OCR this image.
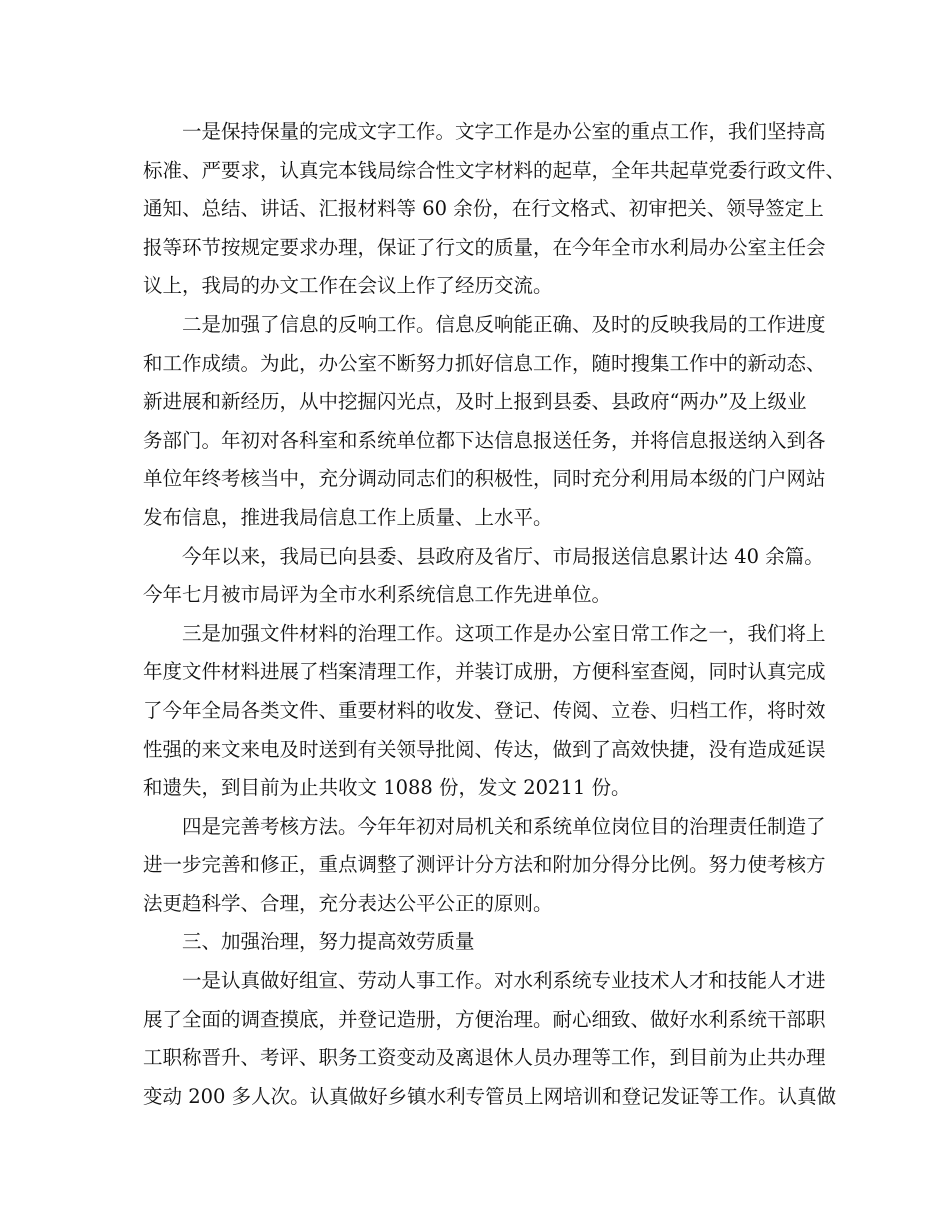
一是保持保量的完成文字工作。文字工作是办公室的重点工作，我们坚持高
标准、严要求，认真完本钱局综合性文字材料的起草，全年共起草党委行政文件、
通知、总结、讲话、汇报材料等 60 余份，在行文格式、初审把关、领导签定上
报等环节按规定要求办理，保证了行文的质量，在今年全市水利局办公室主任会
议上，我局的办文工作在会议上作了经历交流。
二是加强了信息的反响工作。信息反响能正确、及时的反映我局的工作进度
和工作成绩。为此，办公室不断努力抓好信息工作，随时搜集工作中的新动态、
新进展和新经历，从中挖掘闪光点，及时上报到县委、县政府“两办”及上级业
务部门。年初对各科室和系统单位都下达信息报送任务，并将信息报送纳入到各
单位年终考核当中，充分调动同志们的积极性，同时充分利用局本级的门户网站
发布信息，推进我局信息工作上质量、上水平。
今年以来，我局已向县委、县政府及省厅、市局报送信息累计达 40 余篇。
今年七月被市局评为全市水利系统信息工作先进单位。
三是加强文件材料的治理工作。这项工作是办公室日常工作之一，我们将上
年度文件材料进展了档案清理工作，并装订成册，方便科室查阅，同时认真完成
了今年全局各类文件、重要材料的收发、登记、传阅、立卷、归档工作，将时效
性强的来文来电及时送到有关领导批阅、传达，做到了高效快捷，没有造成延误
和遗失，到目前为止共收文 1088 份，发文 20211 份。
四是完善考核方法。今年年初对局机关和系统单位岗位目的治理责任制造了
进一步完善和修正，重点调整了测评计分方法和附加分得分比例。努力使考核方
法更趋科学、合理，充分表达公平公正的原则。
三、加强治理，努力提高效劳质量
一是认真做好组宣、劳动人事工作。对水利系统专业技术人才和技能人才进
展了全面的调查摸底，并登记造册，方便治理。耐心细致、做好水利系统干部职
工职称晋升、考评、职务工资变动及离退休人员办理等工作，到目前为止共办理
变动 200 多人次。认真做好乡镇水利专管员上网培训和登记发证等工作。认真做
